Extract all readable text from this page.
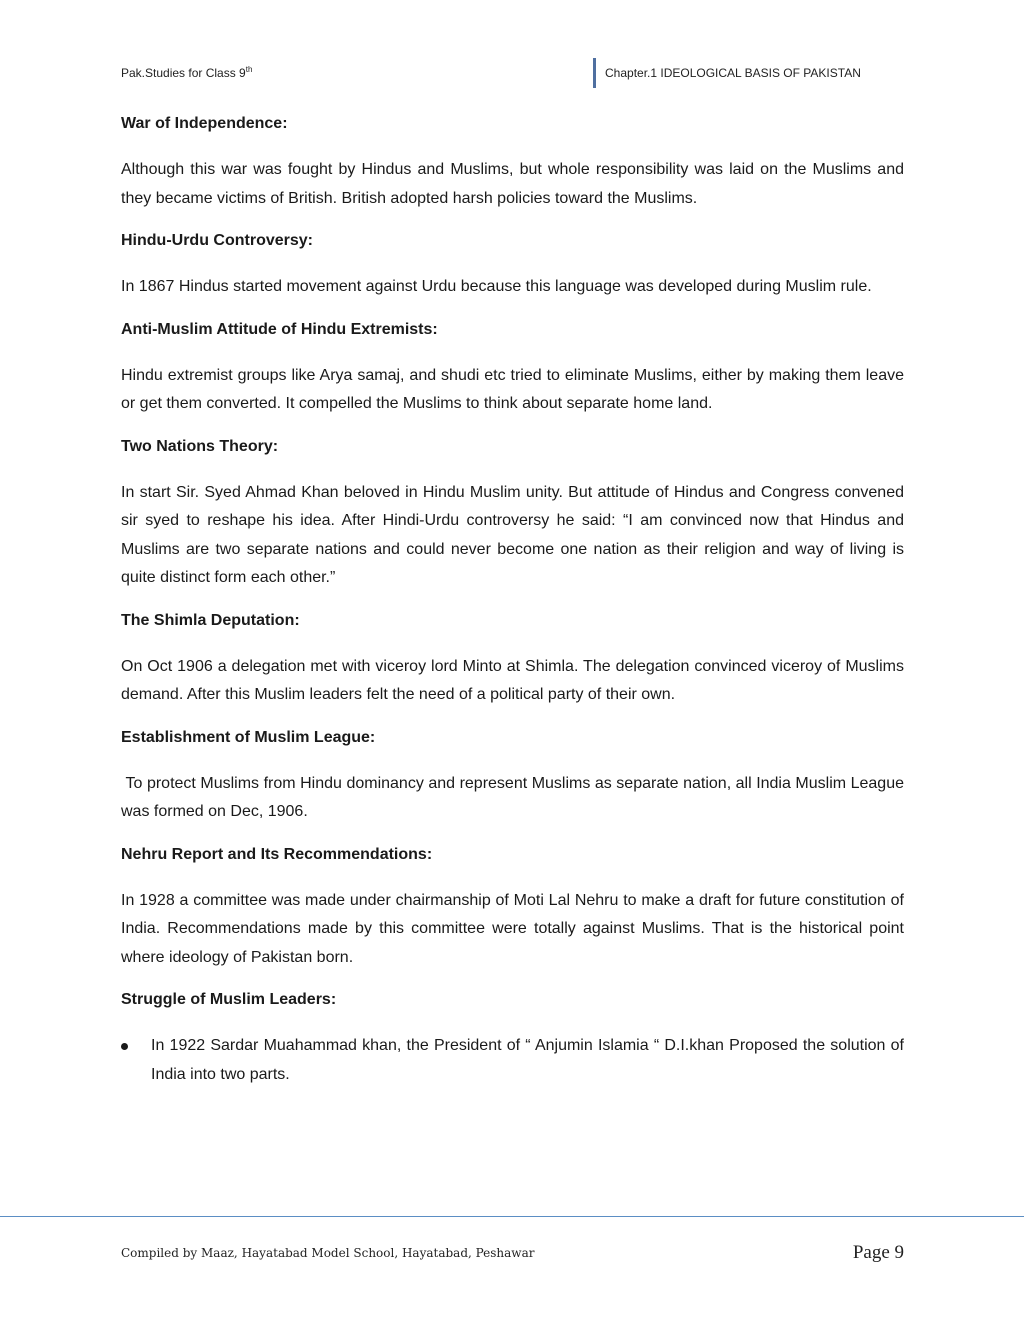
Pak.Studies for Class 9th	Chapter.1 IDEOLOGICAL BASIS OF PAKISTAN
War of Independence:

Although this war was fought by Hindus and Muslims, but whole responsibility was laid on the Muslims and they became victims of British. British adopted harsh policies toward the Muslims.

Hindu-Urdu Controversy:

In 1867 Hindus started movement against Urdu because this language was developed during Muslim rule.

Anti-Muslim Attitude of Hindu Extremists:

Hindu extremist groups like Arya samaj, and shudi etc tried to eliminate Muslims, either by making them leave or get them converted. It compelled the Muslims to think about separate home land.

Two Nations Theory:

In start Sir. Syed Ahmad Khan beloved in Hindu Muslim unity. But attitude of Hindus and Congress convened sir syed to reshape his idea. After Hindi-Urdu controversy he said: “I am convinced now that Hindus and Muslims are two separate nations and could never become one nation as their religion and way of living is quite distinct form each other.”

The Shimla Deputation:

On Oct 1906 a delegation met with viceroy lord Minto at Shimla. The delegation convinced viceroy of Muslims demand. After this Muslim leaders felt the need of a political party of their own.

Establishment of Muslim League:

To protect Muslims from Hindu dominancy and represent Muslims as separate nation, all India Muslim League was formed on Dec, 1906.

Nehru Report and Its Recommendations:

In 1928 a committee was made under chairmanship of Moti Lal Nehru to make a draft for future constitution of India. Recommendations made by this committee were totally against Muslims. That is the historical point where ideology of Pakistan born.

Struggle of Muslim Leaders:
In 1922 Sardar Muahammad khan, the President of “ Anjumin Islamia “ D.I.khan Proposed the solution of India into two parts.
Compiled by Maaz, Hayatabad Model School, Hayatabad, Peshawar	Page 9
